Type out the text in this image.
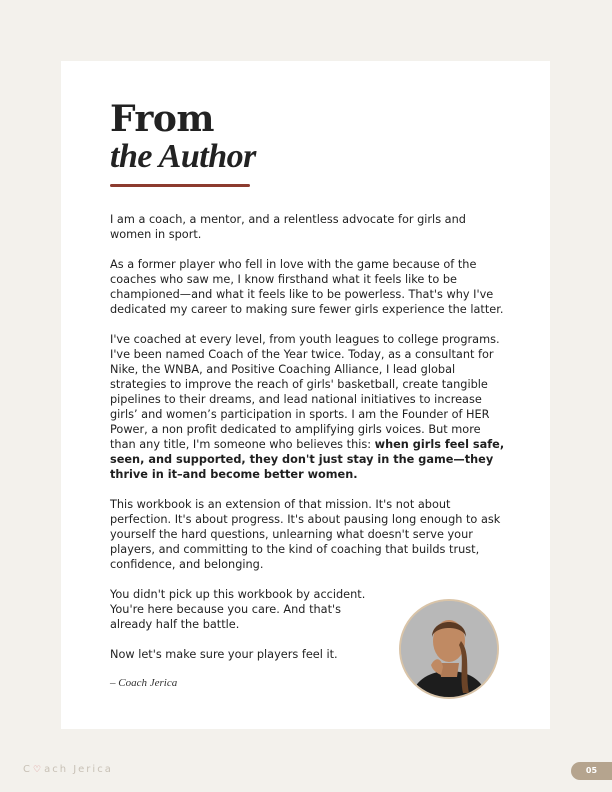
From
the Author

I am a coach, a mentor, and a relentless advocate for girls and women in sport.

As a former player who fell in love with the game because of the coaches who saw me, I know firsthand what it feels like to be championed—and what it feels like to be powerless. That's why I've dedicated my career to making sure fewer girls experience the latter.

I've coached at every level, from youth leagues to college programs. I've been named Coach of the Year twice. Today, as a consultant for Nike, the WNBA, and Positive Coaching Alliance, I lead global strategies to improve the reach of girls' basketball, create tangible pipelines to their dreams, and lead national initiatives to increase girls’ and women’s participation in sports. I am the Founder of HER Power, a non profit dedicated to amplifying girls voices. But more than any title, I'm someone who believes this: when girls feel safe, seen, and supported, they don't just stay in the game—they thrive in it–and become better women.

This workbook is an extension of that mission. It's not about perfection. It's about progress. It's about pausing long enough to ask yourself the hard questions, unlearning what doesn't serve your players, and committing to the kind of coaching that builds trust, confidence, and belonging.

You didn't pick up this workbook by accident. You're here because you care. And that's already half the battle.

Now let's make sure your players feel it.

– Coach Jerica
C ♡ ach Jerica	05
